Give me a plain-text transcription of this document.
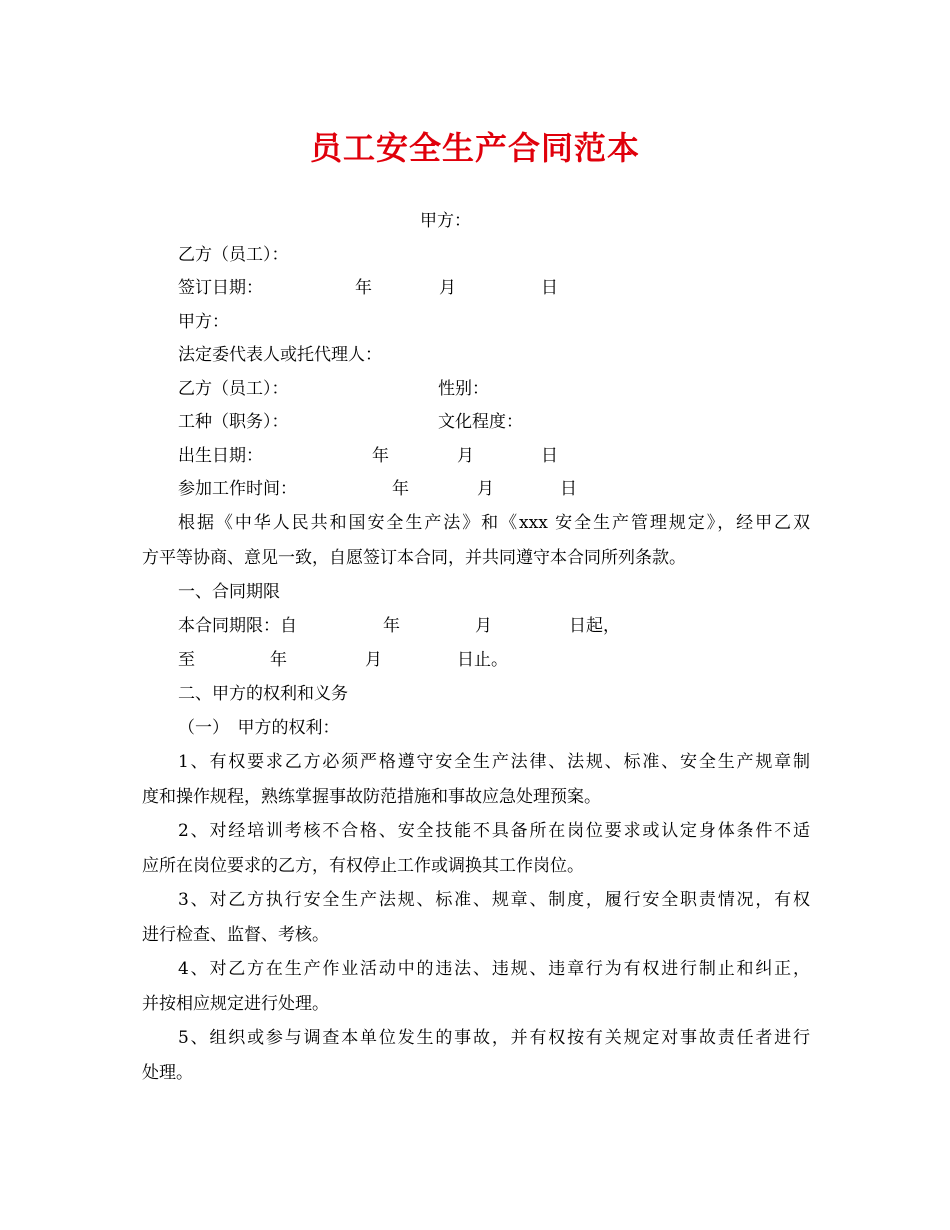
员工安全生产合同范本
甲方：
乙方（员工）：
签订日期：	年	月	日
甲方：
法定委代表人或托代理人：
乙方（员工）：	性别：
工种（职务）：	文化程度：
出生日期：	年	月	日
参加工作时间：	年	月	日
根据《中华人民共和国安全生产法》和《xxx 安全生产管理规定》，经甲乙双
方平等协商、意见一致，自愿签订本合同，并共同遵守本合同所列条款。
一、合同期限
本合同期限：自	年	月	日起，
至	年	月	日止。
二、甲方的权利和义务
（一）　甲方的权利：
1、有权要求乙方必须严格遵守安全生产法律、法规、标准、安全生产规章制
度和操作规程，熟练掌握事故防范措施和事故应急处理预案。
2、对经培训考核不合格、安全技能不具备所在岗位要求或认定身体条件不适
应所在岗位要求的乙方，有权停止工作或调换其工作岗位。
3、对乙方执行安全生产法规、标准、规章、制度，履行安全职责情况，有权
进行检查、监督、考核。
4、对乙方在生产作业活动中的违法、违规、违章行为有权进行制止和纠正，
并按相应规定进行处理。
5、组织或参与调查本单位发生的事故，并有权按有关规定对事故责任者进行
处理。
